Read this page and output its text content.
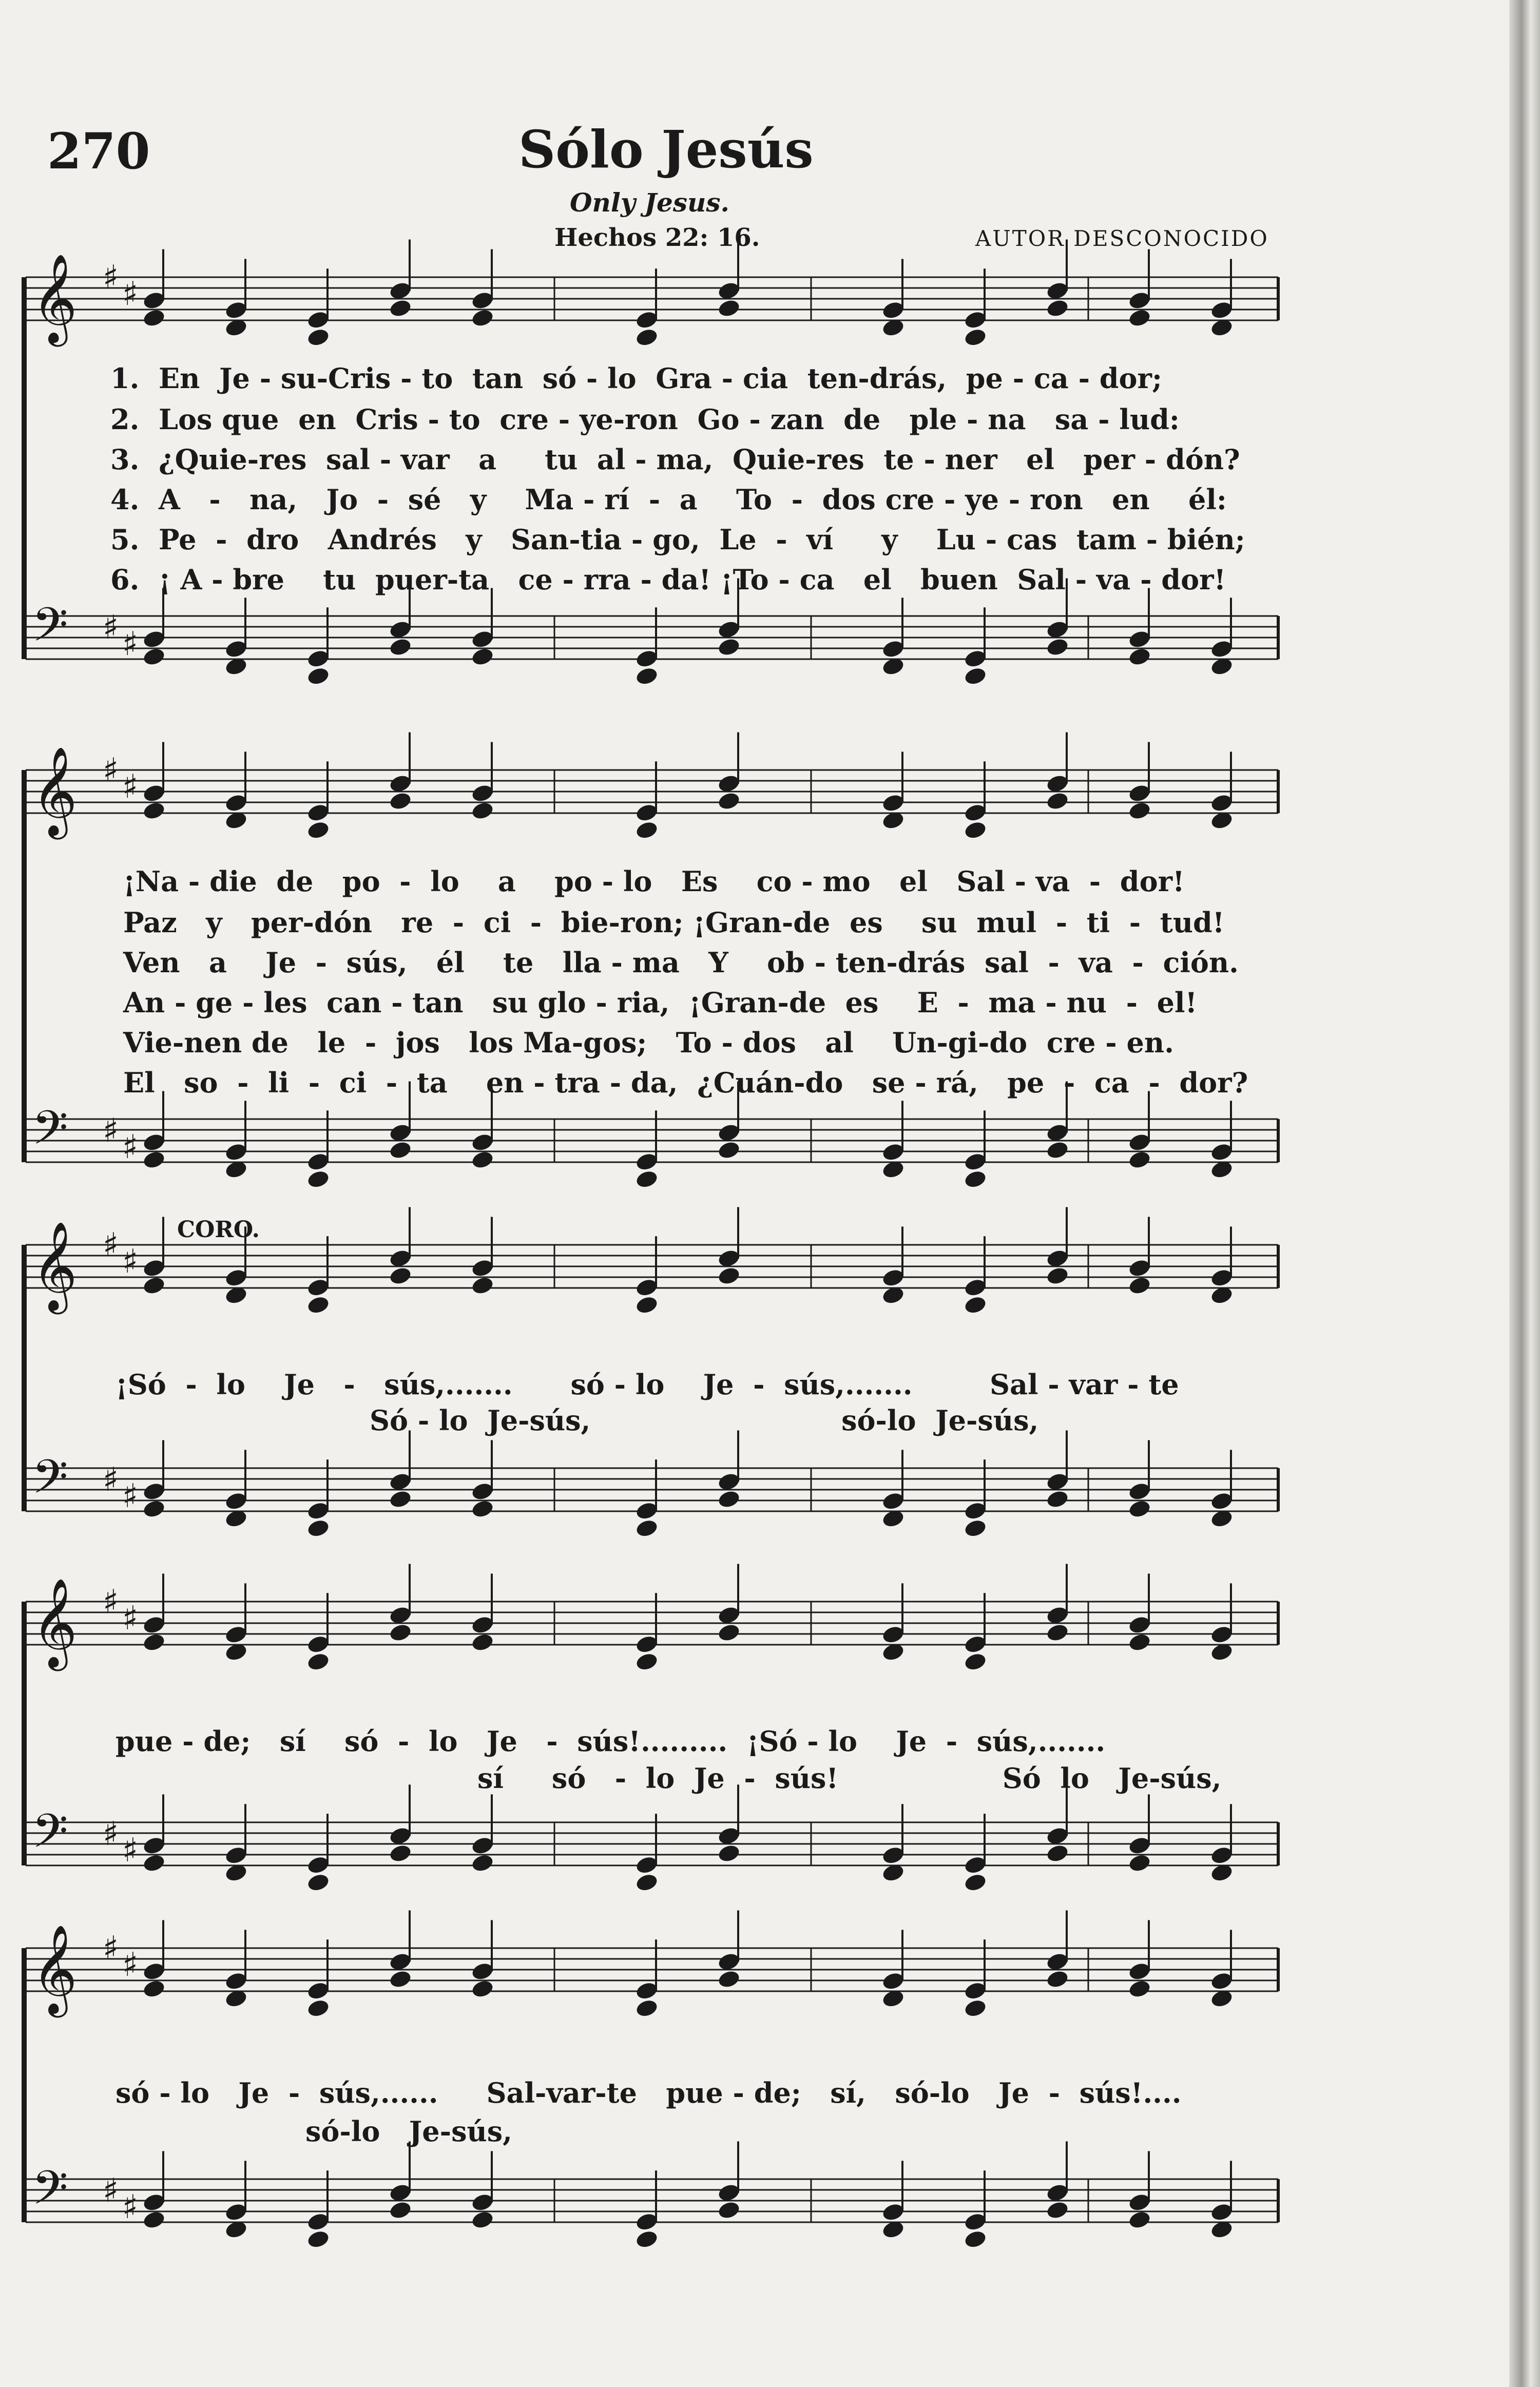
270	Sólo Jesús
Only Jesus.
Hechos 22: 16.	AUTOR DESCONOCIDO
𝄞 ♯ ♯
𝄢 ♯ ♯
𝄞 ♯ ♯
𝄢 ♯ ♯
𝄞 ♯ ♯
𝄢 ♯ ♯
𝄞 ♯ ♯
𝄢 ♯ ♯
𝄞 ♯ ♯
𝄢 ♯ ♯
1.  En  Je - su-Cris - to  tan  só - lo  Gra - cia  ten-drás,  pe - ca - dor;
2.  Los que  en  Cris - to  cre - ye-ron  Go - zan  de   ple - na   sa - lud:
3.  ¿Quie-res  sal - var   a     tu  al - ma,  Quie-res  te - ner   el   per - dón?
4.  A   -   na,   Jo  -  sé   y    Ma - rí  -  a    To  -  dos cre - ye - ron   en    él:
5.  Pe  -  dro   Andrés   y   San-tia - go,  Le  -  ví     y    Lu - cas  tam - bién;
6.  ¡ A - bre    tu  puer-ta   ce - rra - da! ¡To - ca   el   buen  Sal - va - dor!
¡Na - die  de   po  -  lo    a    po - lo   Es    co - mo   el   Sal - va  -  dor!
Paz   y   per-dón   re  -  ci  -  bie-ron; ¡Gran-de  es    su  mul  -  ti  -  tud!
Ven   a    Je  -  sús,   él    te   lla - ma   Y    ob - ten-drás  sal  -  va  -  ción.
An - ge - les  can - tan   su glo - ria,  ¡Gran-de  es    E  -  ma - nu  -  el!
Vie-nen de   le  -  jos   los Ma-gos;   To - dos   al    Un-gi-do  cre - en.
El   so  -  li  -  ci  -  ta    en - tra - da,  ¿Cuán-do   se - rá,   pe  -  ca  -  dor?
CORO.
¡Só  -  lo    Je   -   sús,.......      só - lo    Je  -  sús,.......        Sal - var - te
Só - lo  Je-sús,                          só-lo  Je-sús,
pue - de;   sí    só  -  lo   Je   -  sús!.........  ¡Só - lo    Je  -  sús,.......
sí     só   -  lo  Je  -  sús!                 Só  lo   Je-sús,
só - lo   Je  -  sús,......     Sal-var-te   pue - de;   sí,   só-lo   Je  -  sús!....
só-lo   Je-sús,
